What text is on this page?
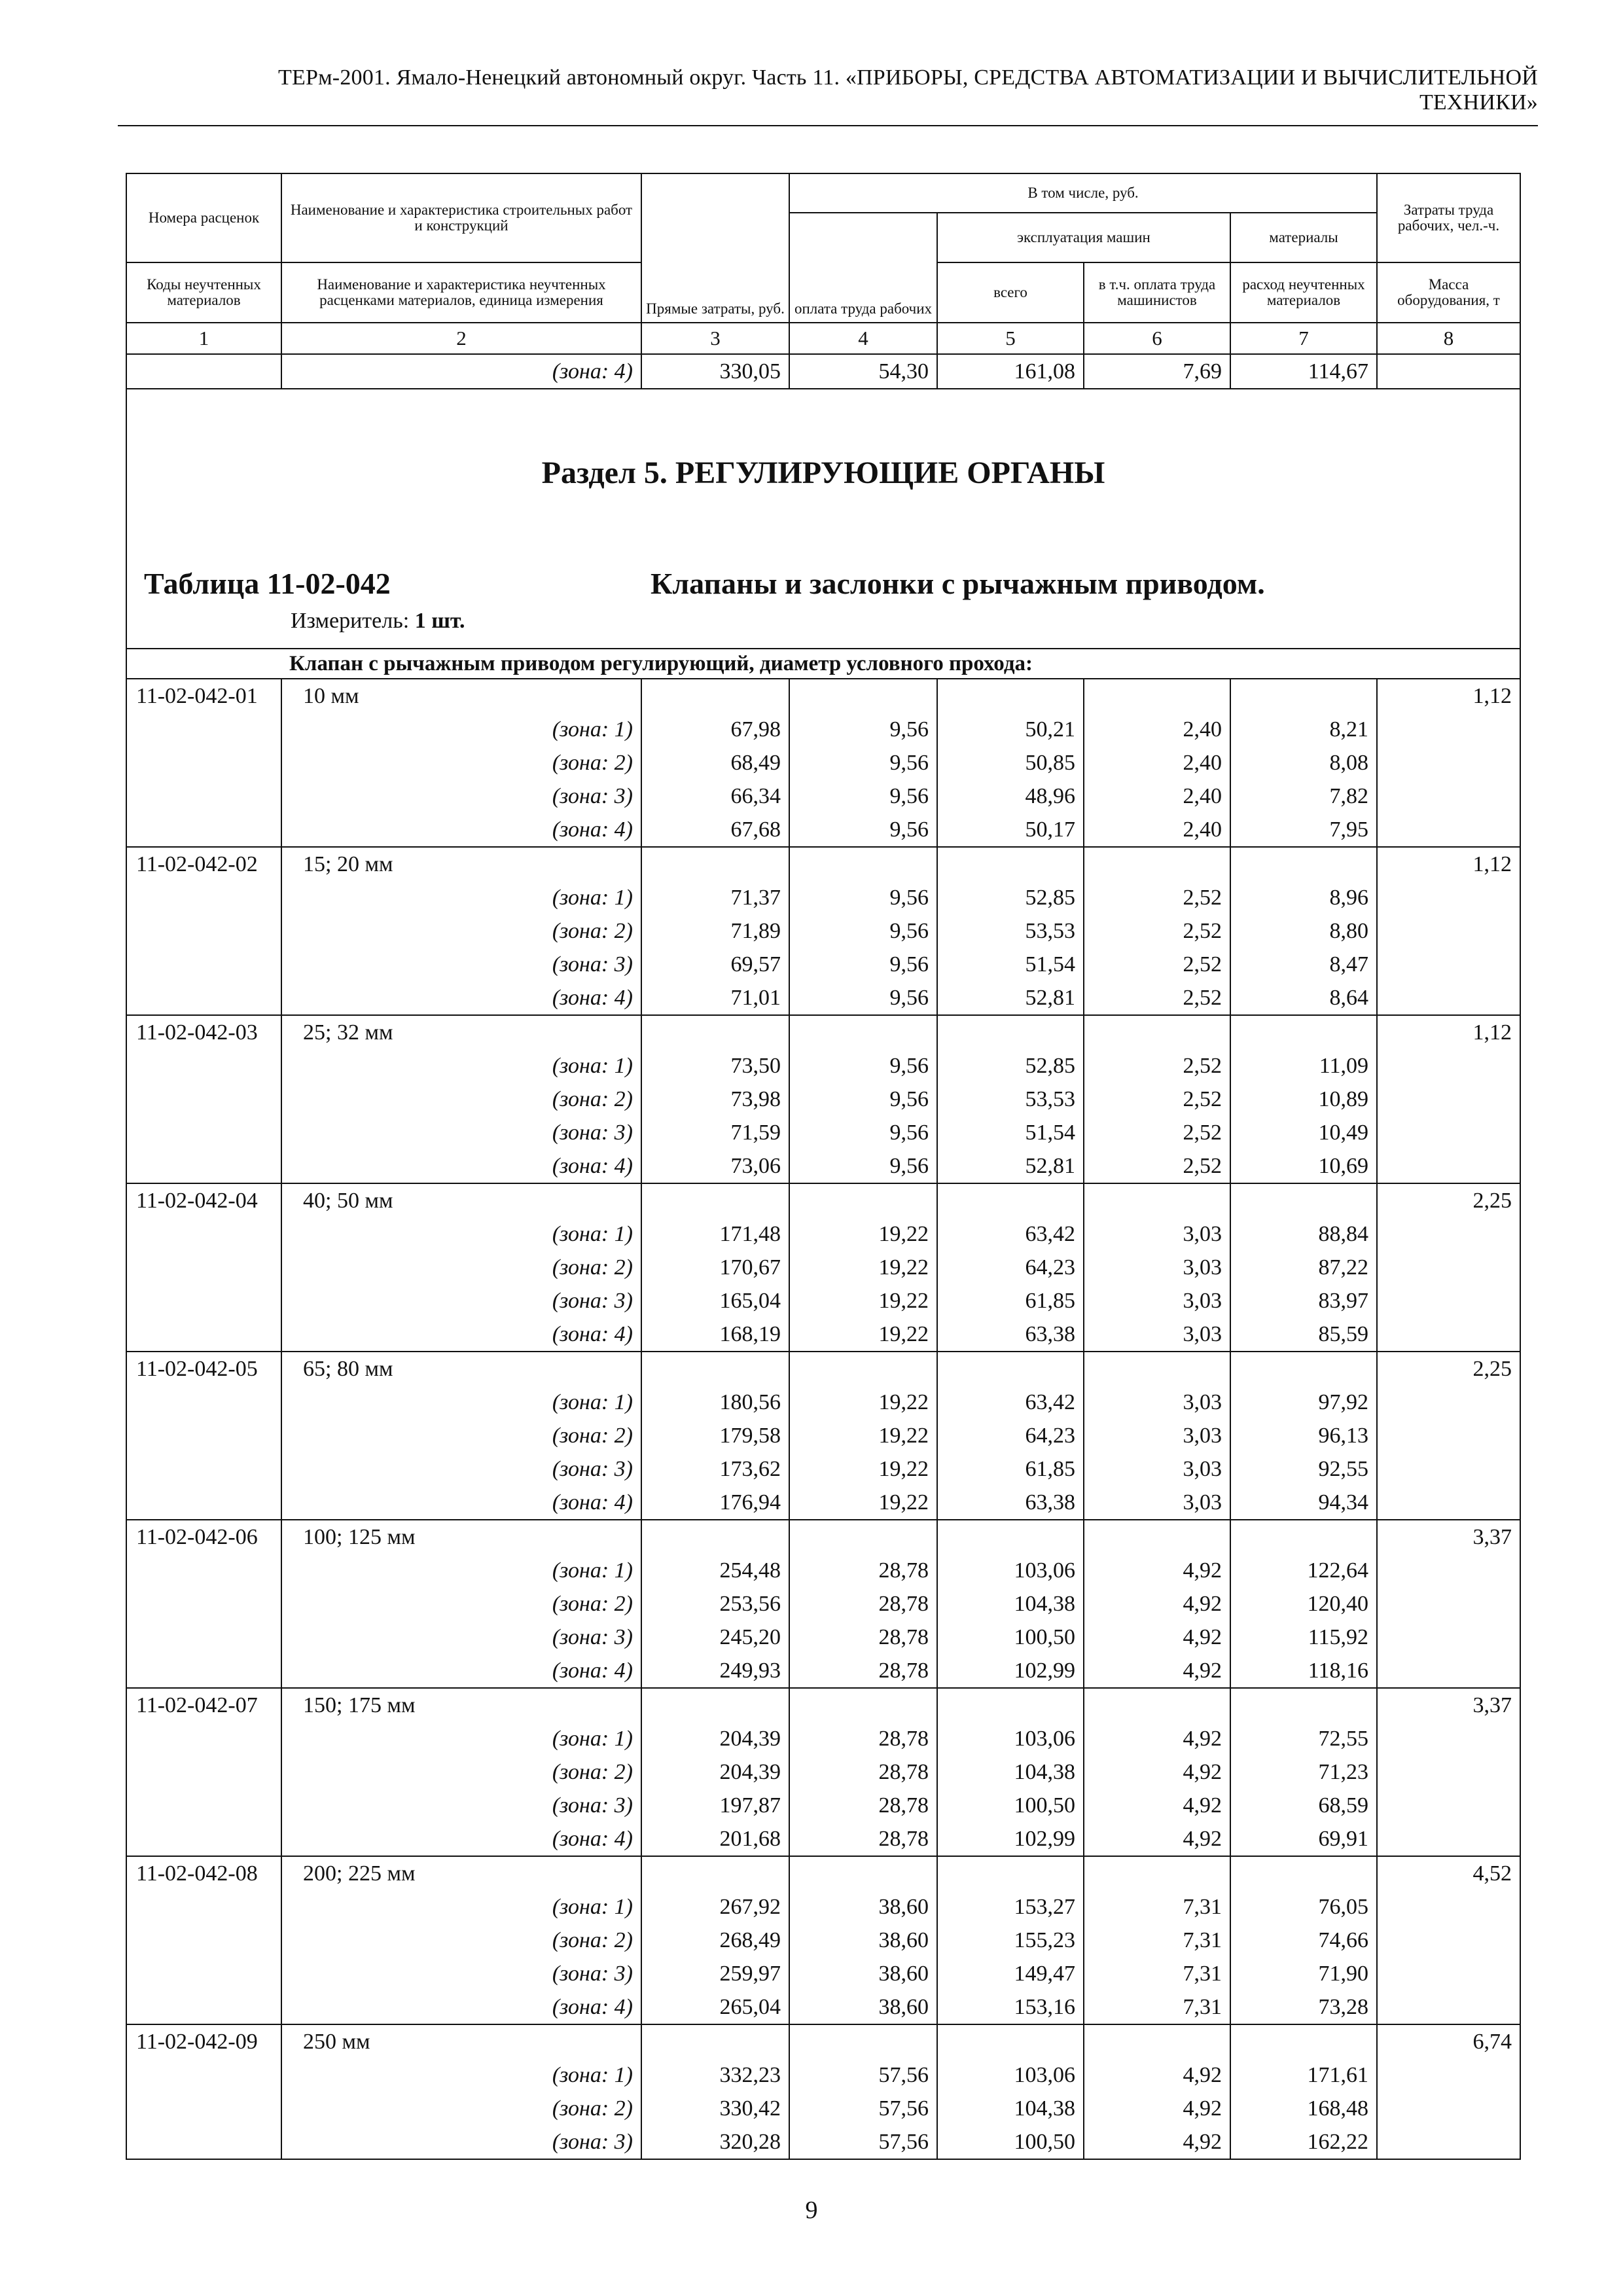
ТЕРм-2001. Ямало-Ненецкий автономный округ. Часть 11. «ПРИБОРЫ, СРЕДСТВА АВТОМАТИЗАЦИИ И ВЫЧИСЛИТЕЛЬНОЙ
ТЕХНИКИ»
Номера расценок	Наименование и характеристика строительных работ и конструкций	Прямые затраты, руб.	В том числе, руб.				Затраты труда рабочих, чел.-ч.
			оплата труда рабочих	эксплуатация машин		материалы	
Коды неучтенных материалов	Наименование и характеристика неучтенных расценками материалов, единица измерения			всего	в т.ч. оплата труда машинистов	расход неучтенных материалов	Масса оборудования, т
1	2	3	4	5	6	7	8
	(зона: 4)	330,05	54,30	161,08	7,69	114,67	

Раздел 5. РЕГУЛИРУЮЩИЕ ОРГАНЫ
Таблица 11-02-042 Клапаны и заслонки с рычажным приводом.
Измеритель: 1 шт.							

Клапан с рычажным приводом регулирующий, диаметр условного прохода:							
11-02-042-01	10 мм						1,12
	(зона: 1)	67,98	9,56	50,21	2,40	8,21	
	(зона: 2)	68,49	9,56	50,85	2,40	8,08	
	(зона: 3)	66,34	9,56	48,96	2,40	7,82	
	(зона: 4)	67,68	9,56	50,17	2,40	7,95	
11-02-042-02	15; 20 мм						1,12
	(зона: 1)	71,37	9,56	52,85	2,52	8,96	
	(зона: 2)	71,89	9,56	53,53	2,52	8,80	
	(зона: 3)	69,57	9,56	51,54	2,52	8,47	
	(зона: 4)	71,01	9,56	52,81	2,52	8,64	
11-02-042-03	25; 32 мм						1,12
	(зона: 1)	73,50	9,56	52,85	2,52	11,09	
	(зона: 2)	73,98	9,56	53,53	2,52	10,89	
	(зона: 3)	71,59	9,56	51,54	2,52	10,49	
	(зона: 4)	73,06	9,56	52,81	2,52	10,69	
11-02-042-04	40; 50 мм						2,25
	(зона: 1)	171,48	19,22	63,42	3,03	88,84	
	(зона: 2)	170,67	19,22	64,23	3,03	87,22	
	(зона: 3)	165,04	19,22	61,85	3,03	83,97	
	(зона: 4)	168,19	19,22	63,38	3,03	85,59	
11-02-042-05	65; 80 мм						2,25
	(зона: 1)	180,56	19,22	63,42	3,03	97,92	
	(зона: 2)	179,58	19,22	64,23	3,03	96,13	
	(зона: 3)	173,62	19,22	61,85	3,03	92,55	
	(зона: 4)	176,94	19,22	63,38	3,03	94,34	
11-02-042-06	100; 125 мм						3,37
	(зона: 1)	254,48	28,78	103,06	4,92	122,64	
	(зона: 2)	253,56	28,78	104,38	4,92	120,40	
	(зона: 3)	245,20	28,78	100,50	4,92	115,92	
	(зона: 4)	249,93	28,78	102,99	4,92	118,16	
11-02-042-07	150; 175 мм						3,37
	(зона: 1)	204,39	28,78	103,06	4,92	72,55	
	(зона: 2)	204,39	28,78	104,38	4,92	71,23	
	(зона: 3)	197,87	28,78	100,50	4,92	68,59	
	(зона: 4)	201,68	28,78	102,99	4,92	69,91	
11-02-042-08	200; 225 мм						4,52
	(зона: 1)	267,92	38,60	153,27	7,31	76,05	
	(зона: 2)	268,49	38,60	155,23	7,31	74,66	
	(зона: 3)	259,97	38,60	149,47	7,31	71,90	
	(зона: 4)	265,04	38,60	153,16	7,31	73,28	
11-02-042-09	250 мм						6,74
	(зона: 1)	332,23	57,56	103,06	4,92	171,61	
	(зона: 2)	330,42	57,56	104,38	4,92	168,48	
	(зона: 3)	320,28	57,56	100,50	4,92	162,22	
9
